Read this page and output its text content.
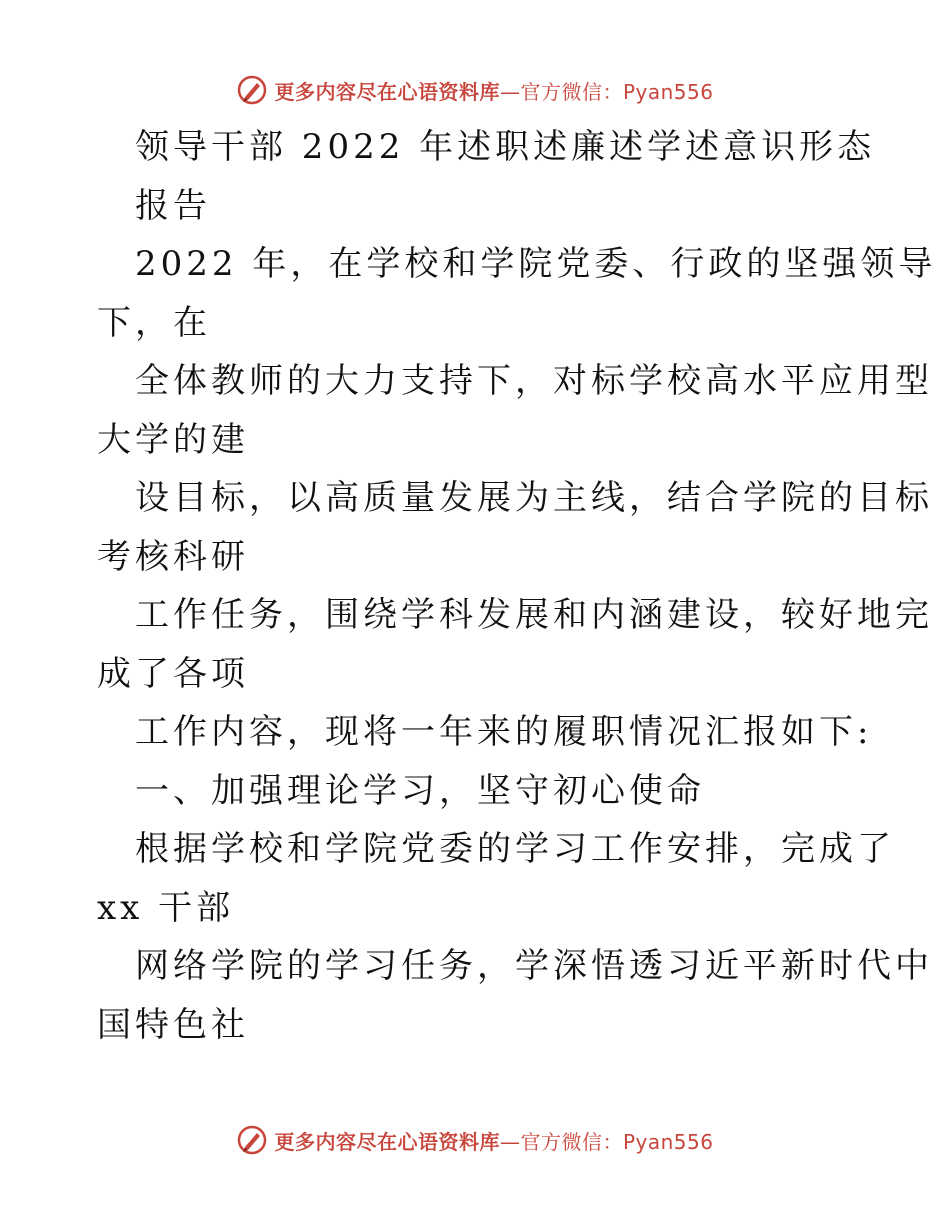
更多内容尽在心语资料库—官方微信：Pyan556
领导干部 2022 年述职述廉述学述意识形态
报告
2022 年，在学校和学院党委、行政的坚强领导
下，在
全体教师的大力支持下，对标学校高水平应用型
大学的建
设目标，以高质量发展为主线，结合学院的目标
考核科研
工作任务，围绕学科发展和内涵建设，较好地完
成了各项
工作内容，现将一年来的履职情况汇报如下:
一、加强理论学习，坚守初心使命
根据学校和学院党委的学习工作安排，完成了
xx 干部
网络学院的学习任务，学深悟透习近平新时代中
国特色社
更多内容尽在心语资料库—官方微信：Pyan556
